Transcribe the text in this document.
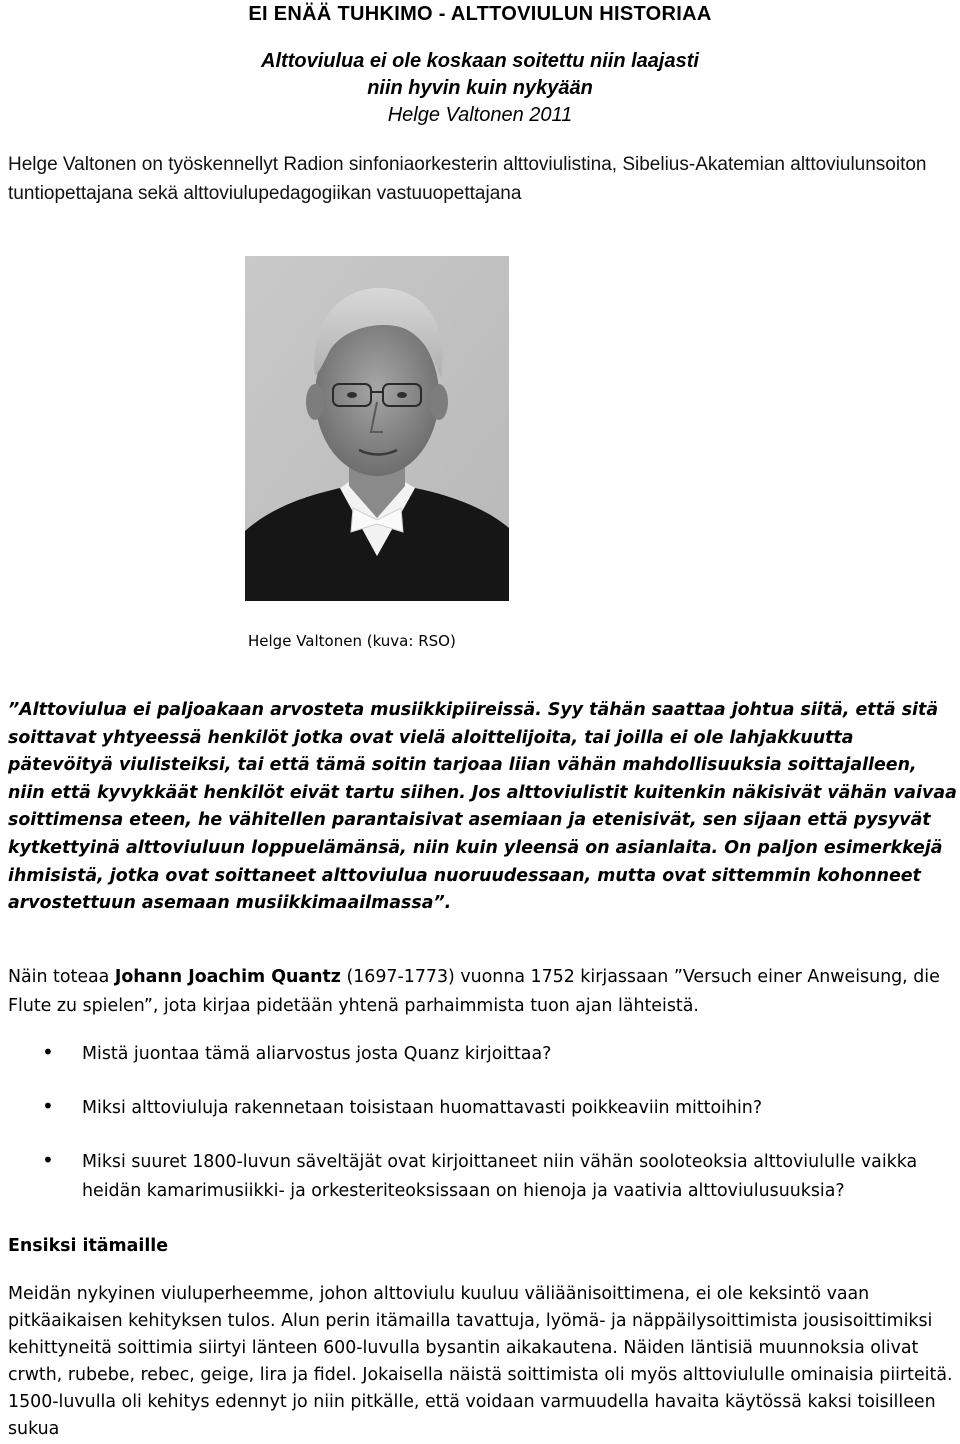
EI ENÄÄ TUHKIMO - ALTTOVIULUN HISTORIAA
Alttoviulua ei ole koskaan soitettu niin laajasti
niin hyvin kuin nykyään
Helge Valtonen 2011
Helge Valtonen on työskennellyt Radion sinfoniaorkesterin alttoviulistina, Sibelius-Akatemian alttoviulunsoiton tuntiopettajana sekä alttoviulupedagogiikan vastuuopettajana
Helge Valtonen (kuva: RSO)
”Alttoviulua ei paljoakaan arvosteta musiikkipiireissä. Syy tähän saattaa johtua siitä, että sitä soittavat yhtyeessä henkilöt jotka ovat vielä aloittelijoita, tai joilla ei ole lahjakkuutta pätevöityä viulisteiksi, tai että tämä soitin tarjoaa liian vähän mahdollisuuksia soittajalleen, niin että kyvykkäät henkilöt eivät tartu siihen. Jos alttoviulistit kuitenkin näkisivät vähän vaivaa soittimensa eteen, he vähitellen parantaisivat asemiaan ja etenisivät, sen sijaan että pysyvät kytkettyinä alttoviuluun loppuelämänsä, niin kuin yleensä on asianlaita. On paljon esimerkkejä ihmisistä, jotka ovat soittaneet alttoviulua nuoruudessaan, mutta ovat sittemmin kohonneet arvostettuun asemaan musiikkimaailmassa”.
Näin toteaa Johann Joachim Quantz (1697-1773) vuonna 1752 kirjassaan ”Versuch einer Anweisung, die Flute zu spielen”, jota kirjaa pidetään yhtenä parhaimmista tuon ajan lähteistä.
• Mistä juontaa tämä aliarvostus josta Quanz kirjoittaa?
• Miksi alttoviuluja rakennetaan toisistaan huomattavasti poikkeaviin mittoihin?
• Miksi suuret 1800-luvun säveltäjät ovat kirjoittaneet niin vähän sooloteoksia alttoviululle vaikka heidän kamarimusiikki- ja orkesteriteoksissaan on hienoja ja vaativia alttoviulusuuksia?
Ensiksi itämaille
Meidän nykyinen viuluperheemme, johon alttoviulu kuuluu väliäänisoittimena, ei ole keksintö vaan pitkäaikaisen kehityksen tulos. Alun perin itämailla tavattuja, lyömä- ja näppäilysoittimista jousisoittimiksi kehittyneitä soittimia siirtyi länteen 600-luvulla bysantin aikakautena. Näiden läntisiä muunnoksia olivat crwth, rubebe, rebec, geige, lira ja fidel. Jokaisella näistä soittimista oli myös alttoviululle ominaisia piirteitä. 1500-luvulla oli kehitys edennyt jo niin pitkälle, että voidaan varmuudella havaita käytössä kaksi toisilleen sukua
